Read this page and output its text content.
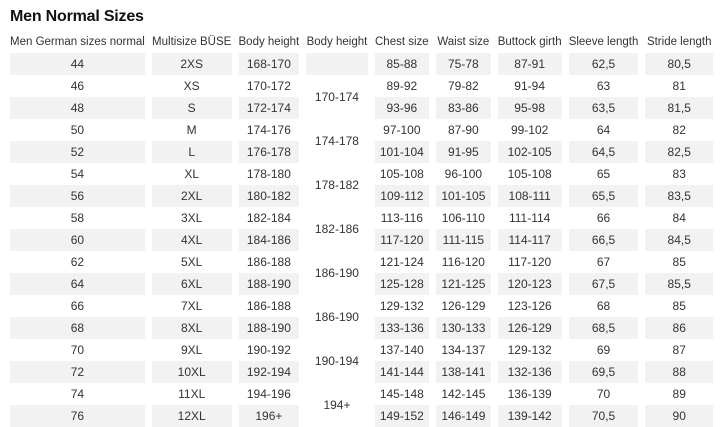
Men Normal Sizes
Men German sizes normal	Multisize BÜSE	Body height	Body height	Chest size	Waist size	Buttock girth	Sleeve length	Stride length
44	2XS	168-170		85-88	75-78	87-91	62,5	80,5
46	XS	170-172	170-174	89-92	79-82	91-94	63	81
48	S	172-174		93-96	83-86	95-98	63,5	81,5
50	M	174-176	174-178	97-100	87-90	99-102	64	82
52	L	176-178		101-104	91-95	102-105	64,5	82,5
54	XL	178-180	178-182	105-108	96-100	105-108	65	83
56	2XL	180-182		109-112	101-105	108-111	65,5	83,5
58	3XL	182-184	182-186	113-116	106-110	111-114	66	84
60	4XL	184-186		117-120	111-115	114-117	66,5	84,5
62	5XL	186-188	186-190	121-124	116-120	117-120	67	85
64	6XL	188-190		125-128	121-125	120-123	67,5	85,5
66	7XL	186-188	186-190	129-132	126-129	123-126	68	85
68	8XL	188-190		133-136	130-133	126-129	68,5	86
70	9XL	190-192	190-194	137-140	134-137	129-132	69	87
72	10XL	192-194		141-144	138-141	132-136	69,5	88
74	11XL	194-196	194+	145-148	142-145	136-139	70	89
76	12XL	196+		149-152	146-149	139-142	70,5	90
